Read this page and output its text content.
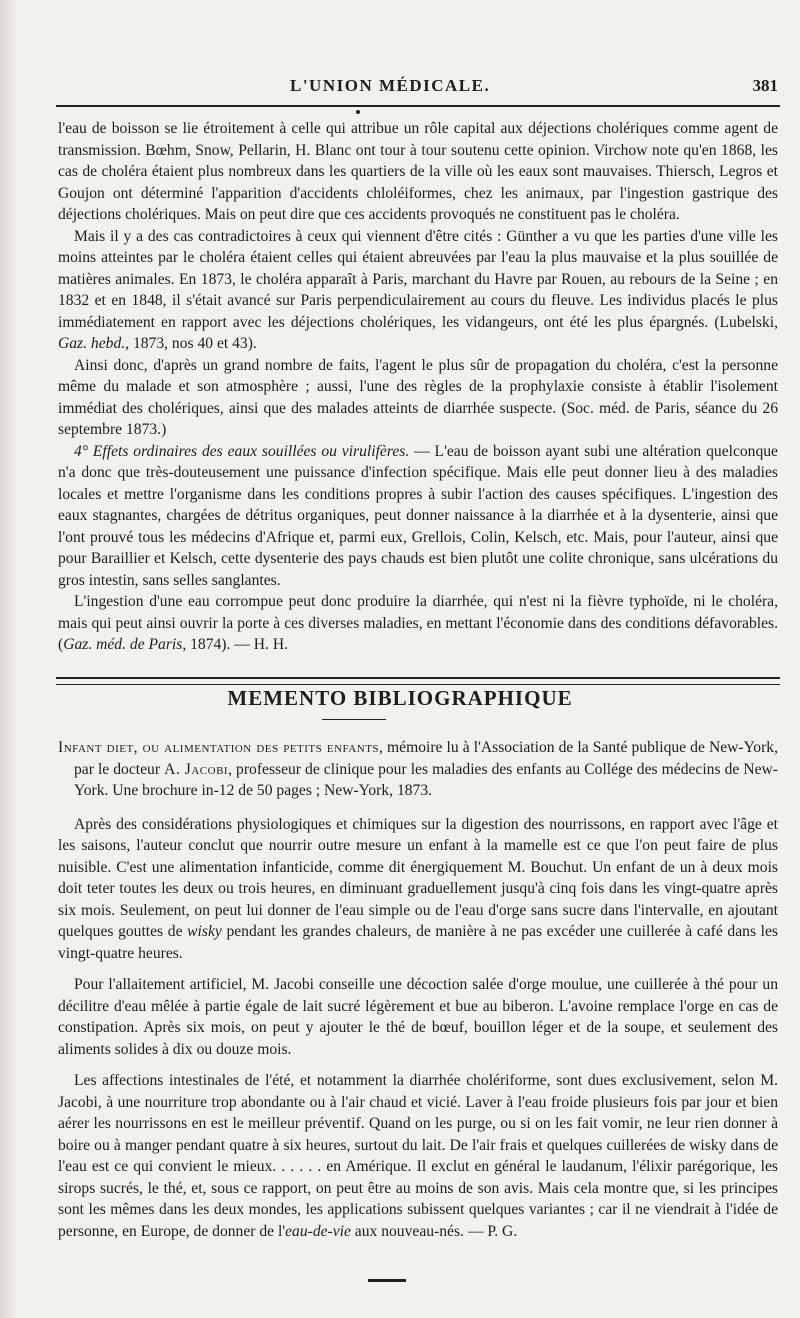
L'UNION MÉDICALE.	381

l'eau de boisson se lie étroitement à celle qui attribue un rôle capital aux déjections cholériques comme agent de transmission. Bœhm, Snow, Pellarin, H. Blanc ont tour à tour soutenu cette opinion. Virchow note qu'en 1868, les cas de choléra étaient plus nombreux dans les quartiers de la ville où les eaux sont mauvaises. Thiersch, Legros et Goujon ont déterminé l'apparition d'accidents chloléiformes, chez les animaux, par l'ingestion gastrique des déjections cholériques. Mais on peut dire que ces accidents provoqués ne constituent pas le choléra.

Mais il y a des cas contradictoires à ceux qui viennent d'être cités : Günther a vu que les parties d'une ville les moins atteintes par le choléra étaient celles qui étaient abreuvées par l'eau la plus mauvaise et la plus souillée de matières animales. En 1873, le choléra apparaît à Paris, marchant du Havre par Rouen, au rebours de la Seine ; en 1832 et en 1848, il s'était avancé sur Paris perpendiculairement au cours du fleuve. Les individus placés le plus immédiatement en rapport avec les déjections cholériques, les vidangeurs, ont été les plus épargnés. (Lubelski, Gaz. hebd., 1873, nos 40 et 43).

Ainsi donc, d'après un grand nombre de faits, l'agent le plus sûr de propagation du choléra, c'est la personne même du malade et son atmosphère ; aussi, l'une des règles de la prophylaxie consiste à établir l'isolement immédiat des cholériques, ainsi que des malades atteints de diarrhée suspecte. (Soc. méd. de Paris, séance du 26 septembre 1873.)

4° Effets ordinaires des eaux souillées ou virulifères. — L'eau de boisson ayant subi une altération quelconque n'a donc que très-douteusement une puissance d'infection spécifique. Mais elle peut donner lieu à des maladies locales et mettre l'organisme dans les conditions propres à subir l'action des causes spécifiques. L'ingestion des eaux stagnantes, chargées de détritus organiques, peut donner naissance à la diarrhée et à la dysenterie, ainsi que l'ont prouvé tous les médecins d'Afrique et, parmi eux, Grellois, Colin, Kelsch, etc. Mais, pour l'auteur, ainsi que pour Baraillier et Kelsch, cette dysenterie des pays chauds est bien plutôt une colite chronique, sans ulcérations du gros intestin, sans selles sanglantes.

L'ingestion d'une eau corrompue peut donc produire la diarrhée, qui n'est ni la fièvre typhoïde, ni le choléra, mais qui peut ainsi ouvrir la porte à ces diverses maladies, en mettant l'économie dans des conditions défavorables. (Gaz. méd. de Paris, 1874). — H. H.

MEMENTO BIBLIOGRAPHIQUE

Infant diet, ou alimentation des petits enfants, mémoire lu à l'Association de la Santé publique de New-York, par le docteur A. Jacobi, professeur de clinique pour les maladies des enfants au Collége des médecins de New-York. Une brochure in-12 de 50 pages ; New-York, 1873.

Après des considérations physiologiques et chimiques sur la digestion des nourrissons, en rapport avec l'âge et les saisons, l'auteur conclut que nourrir outre mesure un enfant à la mamelle est ce que l'on peut faire de plus nuisible. C'est une alimentation infanticide, comme dit énergiquement M. Bouchut. Un enfant de un à deux mois doit teter toutes les deux ou trois heures, en diminuant graduellement jusqu'à cinq fois dans les vingt-quatre après six mois. Seulement, on peut lui donner de l'eau simple ou de l'eau d'orge sans sucre dans l'intervalle, en ajoutant quelques gouttes de wisky pendant les grandes chaleurs, de manière à ne pas excéder une cuillerée à café dans les vingt-quatre heures.

Pour l'allaitement artificiel, M. Jacobi conseille une décoction salée d'orge moulue, une cuillerée à thé pour un décilitre d'eau mêlée à partie égale de lait sucré légèrement et bue au biberon. L'avoine remplace l'orge en cas de constipation. Après six mois, on peut y ajouter le thé de bœuf, bouillon léger et de la soupe, et seulement des aliments solides à dix ou douze mois.

Les affections intestinales de l'été, et notamment la diarrhée cholériforme, sont dues exclusivement, selon M. Jacobi, à une nourriture trop abondante ou à l'air chaud et vicié. Laver à l'eau froide plusieurs fois par jour et bien aérer les nourrissons en est le meilleur préventif. Quand on les purge, ou si on les fait vomir, ne leur rien donner à boire ou à manger pendant quatre à six heures, surtout du lait. De l'air frais et quelques cuillerées de wisky dans de l'eau est ce qui convient le mieux. . . . . . en Amérique. Il exclut en général le laudanum, l'élixir parégorique, les sirops sucrés, le thé, et, sous ce rapport, on peut être au moins de son avis. Mais cela montre que, si les principes sont les mêmes dans les deux mondes, les applications subissent quelques variantes ; car il ne viendrait à l'idée de personne, en Europe, de donner de l'eau-de-vie aux nouveau-nés. — P. G.
